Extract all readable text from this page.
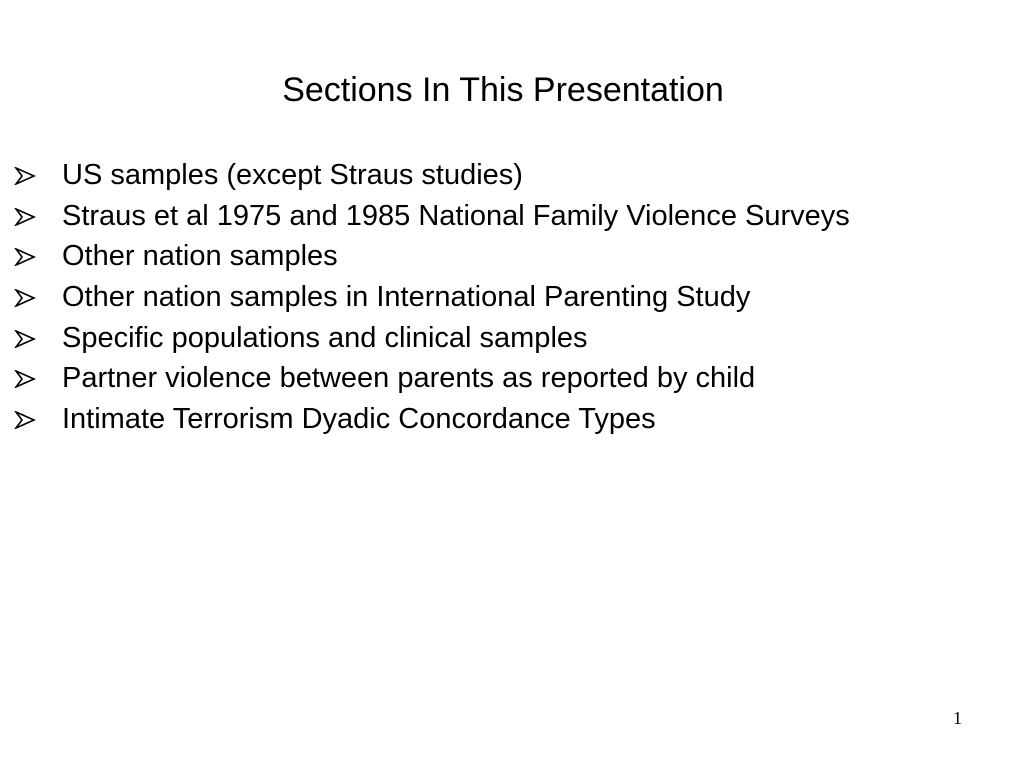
Sections In This Presentation
US samples (except Straus studies)
Straus et al 1975 and 1985 National Family Violence Surveys
Other nation samples
Other nation samples in International Parenting Study
Specific populations and clinical samples
Partner violence between parents as reported by child
Intimate Terrorism Dyadic Concordance Types
1
